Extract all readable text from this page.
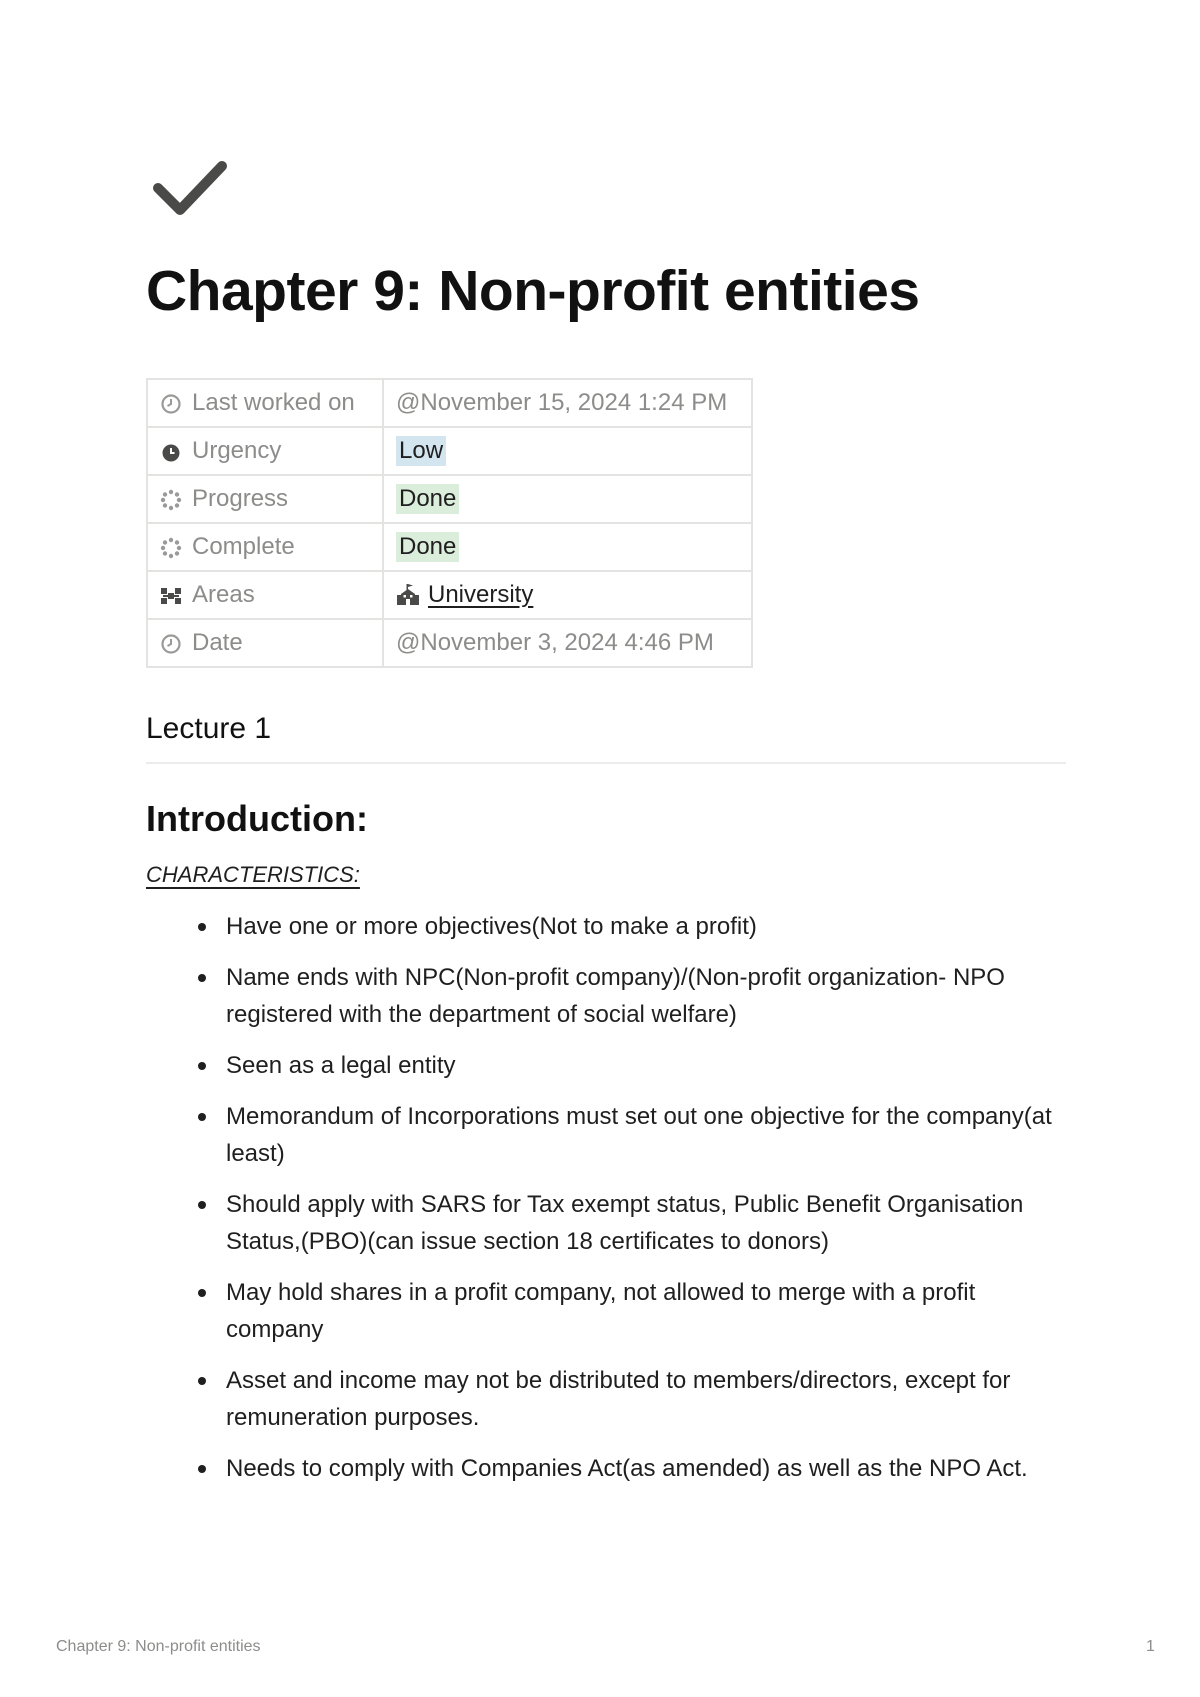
Chapter 9: Non-profit entities
Last worked on	@November 15, 2024 1:24 PM
Urgency	Low
Progress	Done
Complete	Done
Areas	University
Date	@November 3, 2024 4:46 PM
Lecture 1
Introduction:
CHARACTERISTICS:
Have one or more objectives(Not to make a profit)
Name ends with NPC(Non-profit company)/(Non-profit organization- NPO registered with the department of social welfare)
Seen as a legal entity
Memorandum of Incorporations must set out one objective for the company(at least)
Should apply with SARS for Tax exempt status, Public Benefit Organisation Status,(PBO)(can issue section 18 certificates to donors)
May hold shares in a profit company, not allowed to merge with a profit company
Asset and income may not be distributed to members/directors, except for remuneration purposes.
Needs to comply with Companies Act(as amended) as well as the NPO Act.
Chapter 9: Non-profit entities	1
